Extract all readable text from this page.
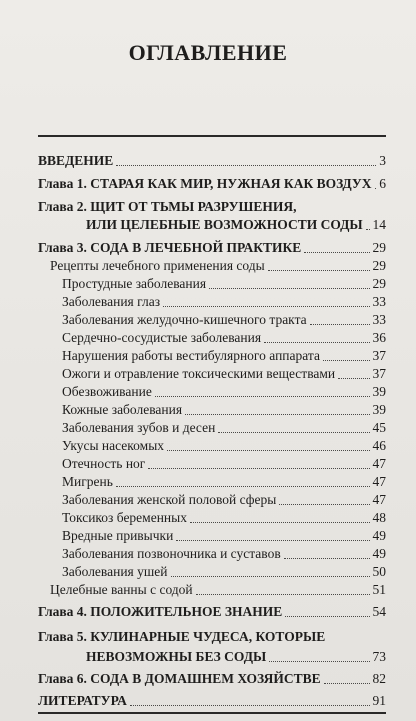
ОГЛАВЛЕНИЕ
ВВЕДЕНИЕ	3
Глава 1. СТАРАЯ КАК МИР, НУЖНАЯ КАК ВОЗДУХ 6
Глава 2. ЩИТ ОТ ТЬМЫ РАЗРУШЕНИЯ,
ИЛИ ЦЕЛЕБНЫЕ ВОЗМОЖНОСТИ СОДЫ 14
Глава 3. СОДА В ЛЕЧЕБНОЙ ПРАКТИКЕ	29
Рецепты лечебного применения соды	29
Простудные заболевания	29
Заболевания глаз	33
Заболевания желудочно-кишечного тракта	33
Сердечно-сосудистые заболевания	36
Нарушения работы вестибулярного аппарата	37
Ожоги и отравление токсическими веществами	37
Обезвоживание	39
Кожные заболевания	39
Заболевания зубов и десен	45
Укусы насекомых	46
Отечность ног	47
Мигрень	47
Заболевания женской половой сферы	47
Токсикоз беременных	48
Вредные привычки	49
Заболевания позвоночника и суставов	49
Заболевания ушей	50
Целебные ванны с содой	51
Глава 4. ПОЛОЖИТЕЛЬНОЕ ЗНАНИЕ	54
Глава 5. КУЛИНАРНЫЕ ЧУДЕСА, КОТОРЫЕ
НЕВОЗМОЖНЫ БЕЗ СОДЫ	73
Глава 6. СОДА В ДОМАШНЕМ ХОЗЯЙСТВЕ	82
ЛИТЕРАТУРА	91
